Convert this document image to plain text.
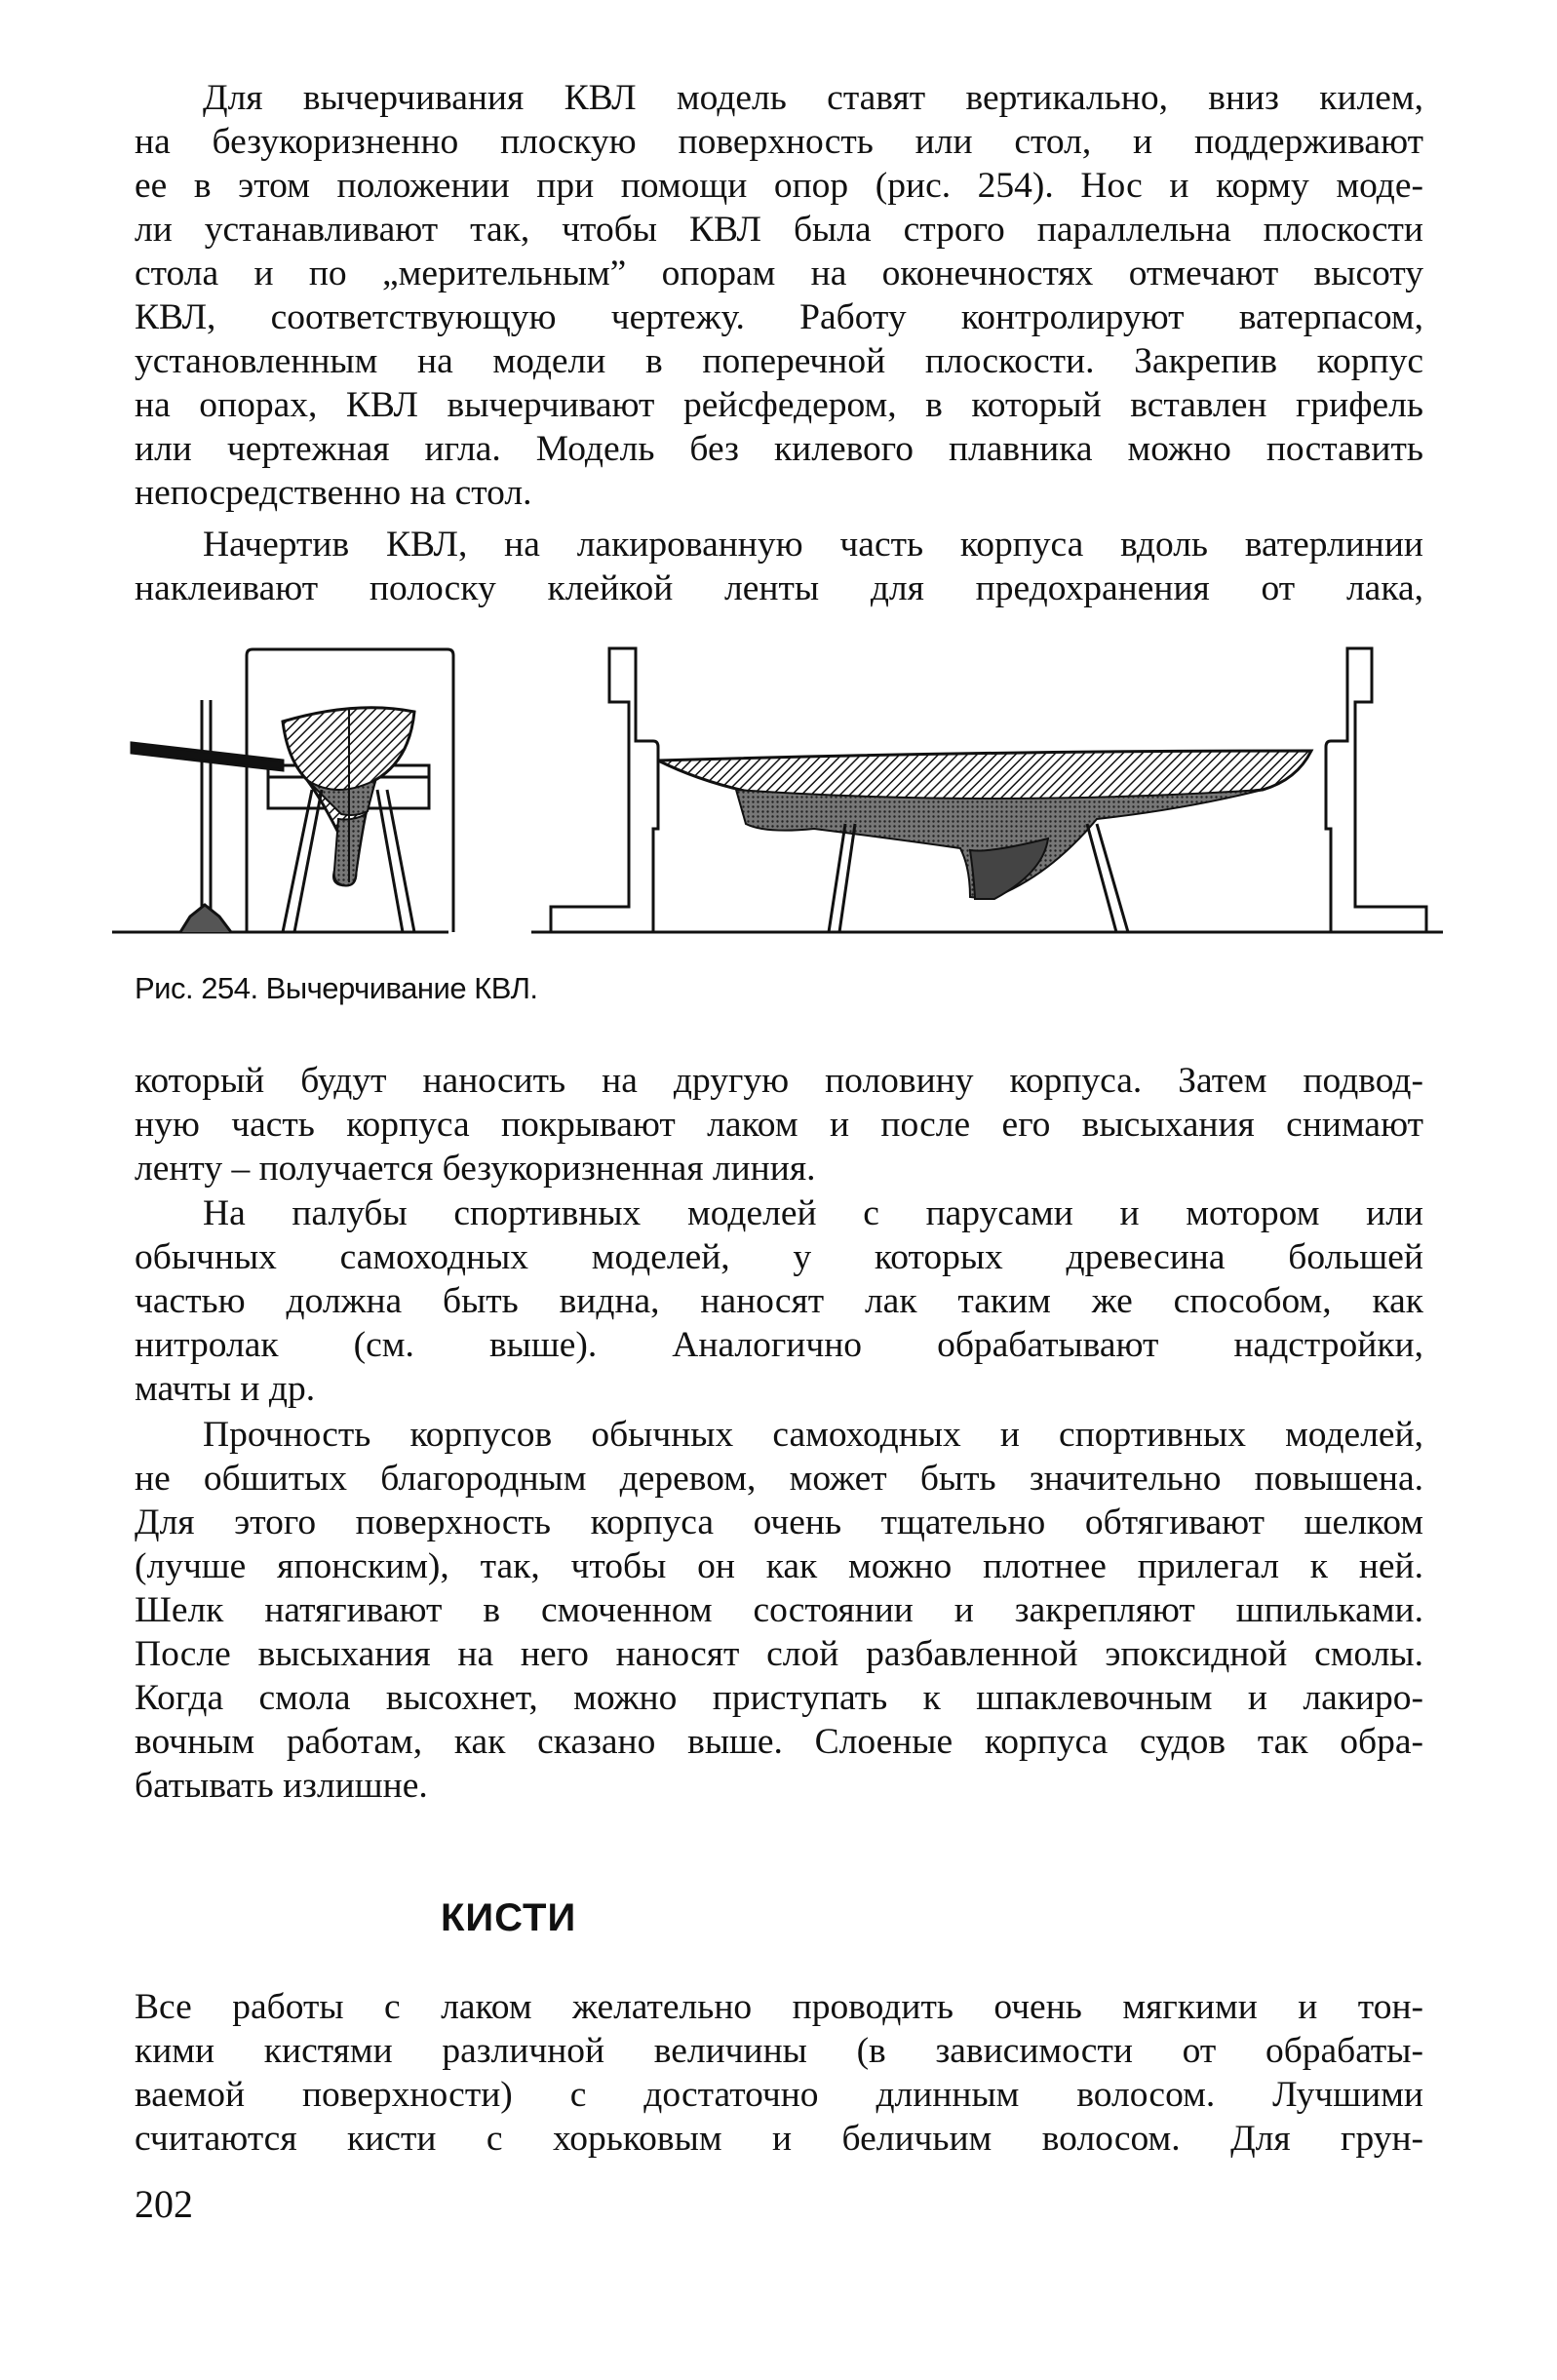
Для вычерчивания КВЛ модель ставят вертикально, вниз килем,
на безукоризненно плоскую поверхность или стол, и поддерживают
ее в этом положении при помощи опор (рис. 254). Нос и корму моде-
ли устанавливают так, чтобы КВЛ была строго параллельна плоскости
стола и по „мерительным” опорам на оконечностях отмечают высоту
КВЛ, соответствующую чертежу. Работу контролируют ватерпасом,
установленным на модели в поперечной плоскости. Закрепив корпус
на опорах, КВЛ вычерчивают рейсфедером, в который вставлен грифель
или чертежная игла. Модель без килевого плавника можно поставить
непосредственно на стол.
Начертив КВЛ, на лакированную часть корпуса вдоль ватерлинии
наклеивают полоску клейкой ленты для предохранения от лака,
Рис. 254. Вычерчивание КВЛ.
который будут наносить на другую половину корпуса. Затем подвод-
ную часть корпуса покрывают лаком и после его высыхания снимают
ленту – получается безукоризненная линия.
На палубы спортивных моделей с парусами и мотором или
обычных самоходных моделей, у которых древесина большей
частью должна быть видна, наносят лак таким же способом, как
нитролак (см. выше). Аналогично обрабатывают надстройки,
мачты и др.
Прочность корпусов обычных самоходных и спортивных моделей,
не обшитых благородным деревом, может быть значительно повышена.
Для этого поверхность корпуса очень тщательно обтягивают шелком
(лучше японским), так, чтобы он как можно плотнее прилегал к ней.
Шелк натягивают в смоченном состоянии и закрепляют шпильками.
После высыхания на него наносят слой разбавленной эпоксидной смолы.
Когда смола высохнет, можно приступать к шпаклевочным и лакиро-
вочным работам, как сказано выше. Слоеные корпуса судов так обра-
батывать излишне.
КИСТИ
Все работы с лаком желательно проводить очень мягкими и тон-
кими кистями различной величины (в зависимости от обрабаты-
ваемой поверхности) с достаточно длинным волосом. Лучшими
считаются кисти с хорьковым и беличьим волосом. Для грун-
202
